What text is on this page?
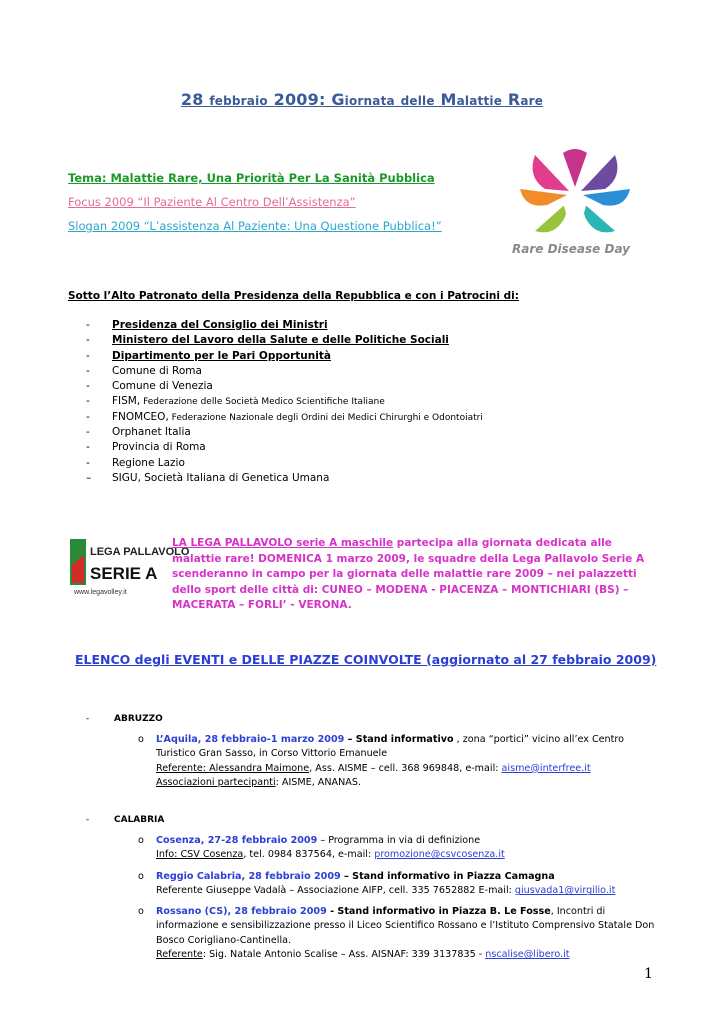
28 febbraio 2009: Giornata delle Malattie Rare
Tema: Malattie Rare, Una Priorità Per La Sanità Pubblica
Focus 2009 “Il Paziente Al Centro Dell’Assistenza”
Slogan 2009 “L’assistenza Al Paziente: Una Questione Pubblica!”
Rare Disease Day
Sotto l’Alto Patronato della Presidenza della Repubblica e con i Patrocini di:
- Presidenza del Consiglio dei Ministri
- Ministero del Lavoro della Salute e delle Politiche Sociali
- Dipartimento per le Pari Opportunità
- Comune di Roma
- Comune di Venezia
- FISM, Federazione delle Società Medico Scientifiche Italiane
- FNOMCEO, Federazione Nazionale degli Ordini dei Medici Chirurghi e Odontoiatri
- Orphanet Italia
- Provincia di Roma
- Regione Lazio
– SIGU, Società Italiana di Genetica Umana
LEGA PALLAVOLO
SERIE A
www.legavolley.it
LA LEGA PALLAVOLO serie A maschile partecipa alla giornata dedicata alle malattie rare! DOMENICA 1 marzo 2009, le squadre della Lega Pallavolo Serie A scenderanno in campo per la giornata delle malattie rare 2009 – nei palazzetti dello sport delle città di: CUNEO – MODENA - PIACENZA – MONTICHIARI (BS) – MACERATA – FORLI’ - VERONA.
ELENCO degli EVENTI e DELLE PIAZZE COINVOLTE (aggiornato al 27 febbraio 2009)
-	ABRUZZO
o	L’Aquila, 28 febbraio-1 marzo 2009 – Stand informativo , zona “portici” vicino all’ex Centro Turistico Gran Sasso, in Corso Vittorio Emanuele
Referente: Alessandra Maimone, Ass. AISME – cell. 368 969848, e-mail: aisme@interfree.it
Associazioni partecipanti: AISME, ANANAS.
-	CALABRIA
o	Cosenza, 27-28 febbraio 2009 – Programma in via di definizione
Info: CSV Cosenza, tel. 0984 837564, e-mail: promozione@csvcosenza.it
o	Reggio Calabria, 28 febbraio 2009 – Stand informativo in Piazza Camagna
Referente Giuseppe Vadalà – Associazione AIFP, cell. 335 7652882 E-mail: giusvada1@virgilio.it
o	Rossano (CS), 28 febbraio 2009 - Stand informativo in Piazza B. Le Fosse, Incontri di informazione e sensibilizzazione presso il Liceo Scientifico Rossano e l’Istituto Comprensivo Statale Don Bosco Corigliano-Cantinella.
Referente: Sig. Natale Antonio Scalise – Ass. AISNAF: 339 3137835 - nscalise@libero.it
1
